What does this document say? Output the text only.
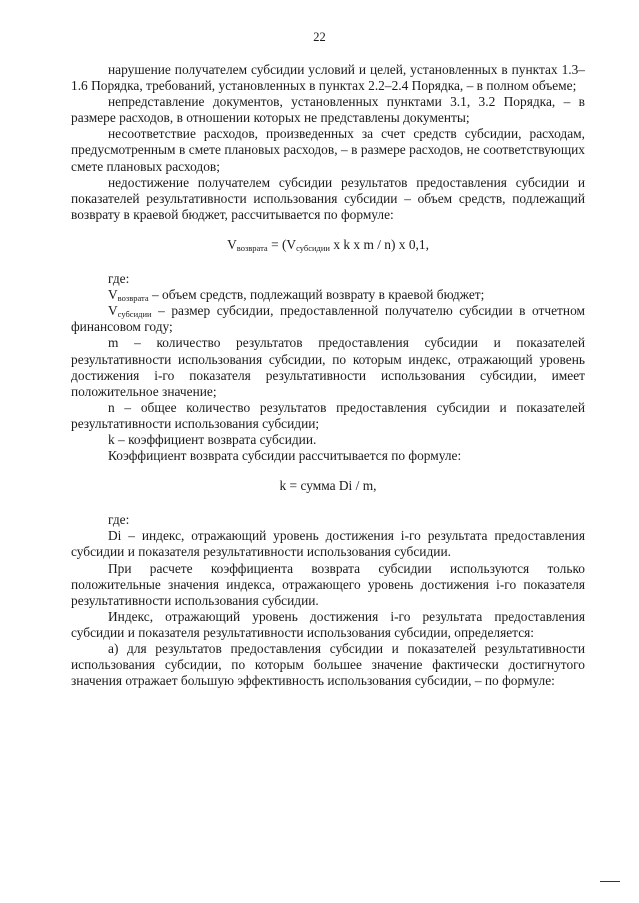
22

нарушение получателем субсидии условий и целей, установленных в пунктах 1.3–1.6 Порядка, требований, установленных в пунктах 2.2–2.4 Порядка, – в полном объеме;

непредставление документов, установленных пунктами 3.1, 3.2 Порядка, – в размере расходов, в отношении которых не представлены документы;

несоответствие расходов, произведенных за счет средств субсидии, расходам, предусмотренным в смете плановых расходов, – в размере расходов, не соответствующих смете плановых расходов;

недостижение получателем субсидии результатов предоставления субсидии и показателей результативности использования субсидии – объем средств, подлежащий возврату в краевой бюджет, рассчитывается по формуле:

$V_{возврата} = (V_{субсидии}$ x k x m / n) x 0,1,

где:

$V_{возврата}$ – объем средств, подлежащий возврату в краевой бюджет;

$V_{субсидии}$ – размер субсидии, предоставленной получателю субсидии в отчетном финансовом году;

m – количество результатов предоставления субсидии и показателей результативности использования субсидии, по которым индекс, отражающий уровень достижения i-го показателя результативности использования субсидии, имеет положительное значение;

n – общее количество результатов предоставления субсидии и показателей результативности использования субсидии;

k – коэффициент возврата субсидии.

Коэффициент возврата субсидии рассчитывается по формуле:

k = сумма Di / m,

где:

Di – индекс, отражающий уровень достижения i-го результата предоставления субсидии и показателя результативности использования субсидии.

При расчете коэффициента возврата субсидии используются только положительные значения индекса, отражающего уровень достижения i-го показателя результативности использования субсидии.

Индекс, отражающий уровень достижения i-го результата предоставления субсидии и показателя результативности использования субсидии, определяется:

а) для результатов предоставления субсидии и показателей результативности использования субсидии, по которым большее значение фактически достигнутого значения отражает большую эффективность использования субсидии, – по формуле:
